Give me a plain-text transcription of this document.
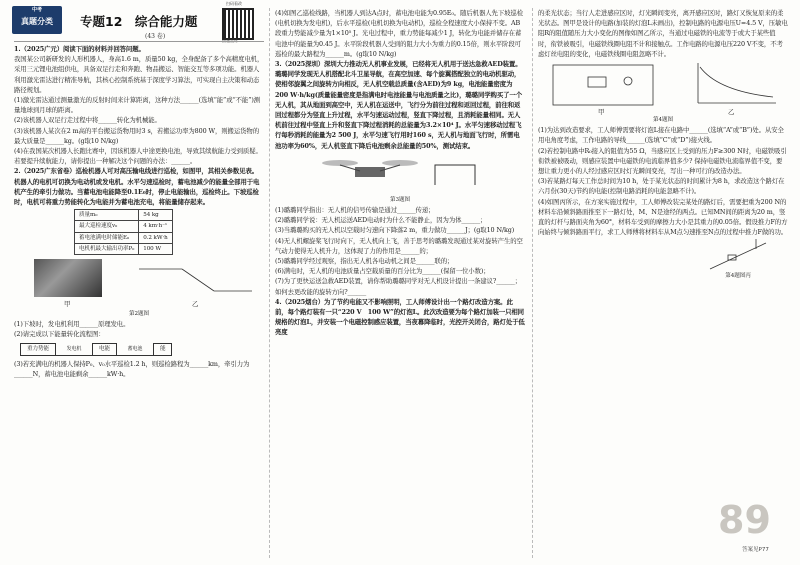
中考
真题分类	专题12　综合能力题
(43 卷)
扫码看改
插题直练

1.（2025广元）阅读下面的材料并回答问题。

我国某公司新研发的人形机器人，身高1.6 m，质量50 kg，全身配备了多个高精度电机，采用三元锂电池组供电，具备双足行走和奔跑、物品搬运、智能交互等多项功能。机器人利用激光雷达进行精准导航，其核心控制系统基于深度学习算法，可实现自主决策和动态路径规划。

(1)激光雷达通过测量激光的反射时间来计算距离，这种方法______(选填“能”或“不能”)测量地球到月球的距离。

(2)该机器人双足行走过程中将______转化为机械能。

(3)该机器人某次在2 m高的平台搬运货物用时3 s，若搬运功率为800 W，则搬运货物的最大质量是______kg。(g取10 N/kg)

(4)在我国某次机器人长跑比赛中，因该机器人中途更换电池，导致其续航能力受到质疑。若要提升续航能力，请你提出一种解决这个问题的办法：______。

2.（2025广东省卷）巡检机器人可对高压输电线进行巡检，如图甲，其相关参数见表。机器人的电机可切换为电动机或发电机。水平匀速巡检时，蓄电池减少的能量全部用于电机产生的牵引力做功。当蓄电池电能降至0.1E₀时，停止电能输出，巡检终止。下坡巡检时，电机可将重力势能转化为电能并为蓄电池充电，将能量储存起来。

质量m₀	54 kg
最大巡检速度v₀	4 km·h⁻¹
蓄电池满电时储能E₀	0.2 kW·h
电机机最大输出功率P₀	100 W
甲	乙

第2题图

(1)下坡时，发电机利用______原理发电。

(2)请完成以下能量转化流程图：

重力势能	发电机	电能	蓄电池	能

(3)若充满电的机器人保持P₀、v₀水平巡检1.2 h，则巡检路程为______km，牵引力为______N，蓄电池电能剩余______kW·h。

(4)如图乙巡检线路，当机器人到达A点时，蓄电池电能为0.95E₀。随后机器人先下坡巡检(电机切换为发电机)，后水平巡检(电机切换为电动机)，巡检全程速度大小保持不变。AB段重力势能减少量为1×10⁵ J。光电过程中，重力势能每减少1 J，转化为电能并储存在蓄电池中的能量为0.45 J。水平阶段机器人受到的阻力大小为重力的0.15倍，则水平阶段可巡检的最大路程为______m。(g取10 N/kg)

3.（2025深圳）深圳大力推动无人机事业发展，已经将无人机用于送达急救AED装置。璐璐同学发现无人机搭配北斗卫星导航，在高空加速、每个旋翼搭配独立的电动机驱动，使相邻旋翼之间旋转方向相反，无人机空载总质量(含AED)为9 kg，电池能量密度为200 W·h/kg(质量能量密度是指满电时电池能量与电池质量之比)，璐璐同学购买了一个无人机，其从地面到高空中，无人机在运送中，飞行分为前往过程和返回过程，前往和返回过程都分为竖直上升过程，水平匀速运动过程，竖直下降过程，且消耗能量相同。无人机前往过程中竖直上升和竖直下降过程消耗的总能量为3.2×10⁴ J。水平匀速移动过程飞行每秒消耗的能量为2 500 J，水平匀速飞行用时160 s，无人机与地面飞行时，所需电池功率为60%，无人机竖直下降后电池剩余总能量的50%，测试结束。

第3题图

(1)璐璐同学指出：无人机的信号传输是通过______传递；

(2)璐璐同学说：无人机运送AED电动时为什么不能静止，因为为体______；

(3)当璐璐购买的无人机以空载时匀速向下降落2 m，重力做功______J；(g取10 N/kg)

(4)无人机螺旋桨飞行时向下，无人机向上飞，善于思考的璐璐发现通过某对旋转产生的空气动力使得无人机升力，这体现了力的作用是______的；

(5)璐璐同学经过观察，指出无人机各电动机之间是______联的；

(6)满电时，无人机的电池质量占空载质量的百分比为______(保留一位小数)；

(7)为了更快运送急救AED装置，请你帮助璐璐同学对无人机设计提出一条建议?______；如何去更改能的旋转方向?______

4.（2025烟台）为了节约电能又不影响照明，工人师傅设计出一个路灯改造方案。此前，每个路灯装有一只“220 V　100 W”的灯泡L。此次改造要为每个路灯加装一只相同规格的灯泡L，并安装一个电磁控制感应装置，当夜幕降临时，光控开关闭合，路灯处于低亮度

的柔光状态；当行人走进感应区时，灯光瞬间变亮，离开感应区时，路灯又恢复原来的柔光状态。图甲是设计的电路(加装的灯泡L未画出)，控制电路的电源电压U=4.5 V，压敏电阻R的阻值随压力大小变化的图像如图乙所示，当通过电磁铁的电流等于或大于某些值时，衔铁被吸引，电磁铁线圈电阻不计和接触点。工作电路的电源电压220 V不变，不考虑灯丝电阻的变化，电磁铁线圈电阻忽略不计。

甲	乙

第4题图

(1)为达到改造要求，工人师傅需要将灯泡L接在电路中______(选填“A”或“B”)处。从安全用电角度考虑，工作电路的导线______(选填“C”或“D”)接火线。

(2)若控制电路中R₀接入的阻值为55 Ω，当感应区上受到的压力F≥300 N时，电磁铁吸引衔铁被被吸动，则感应装置中电磁铁的电流临界值多少? 保持电磁铁电流临界值不变，要想让重力更小的人经过感应区时灯光瞬间变亮，写出一种可行的改造办法。

(3)若某路灯每天工作总时间为10 h，处于某光状态的时间累计为8 h，求改造这个路灯在六月份(30天)节约的电能(控制电路消耗的电能忽略不计)。

(4)如图丙所示，在方案实施过程中，工人师傅改装完某处的路灯后，需要把重为200 N的材料车沿倾斜路面推至下一路灯处，M、N是途经的两点。已知MN间的距离为20 m，竖直的灯杆与路面夹角为60°，材料车受到的摩擦力大小是其重力的0.05倍。假设推力F的方向始终与倾斜路面平行，求工人师傅将材料车从M点匀速推至N点的过程中推力F做的功。

第4题图丙

89
答案见P77
